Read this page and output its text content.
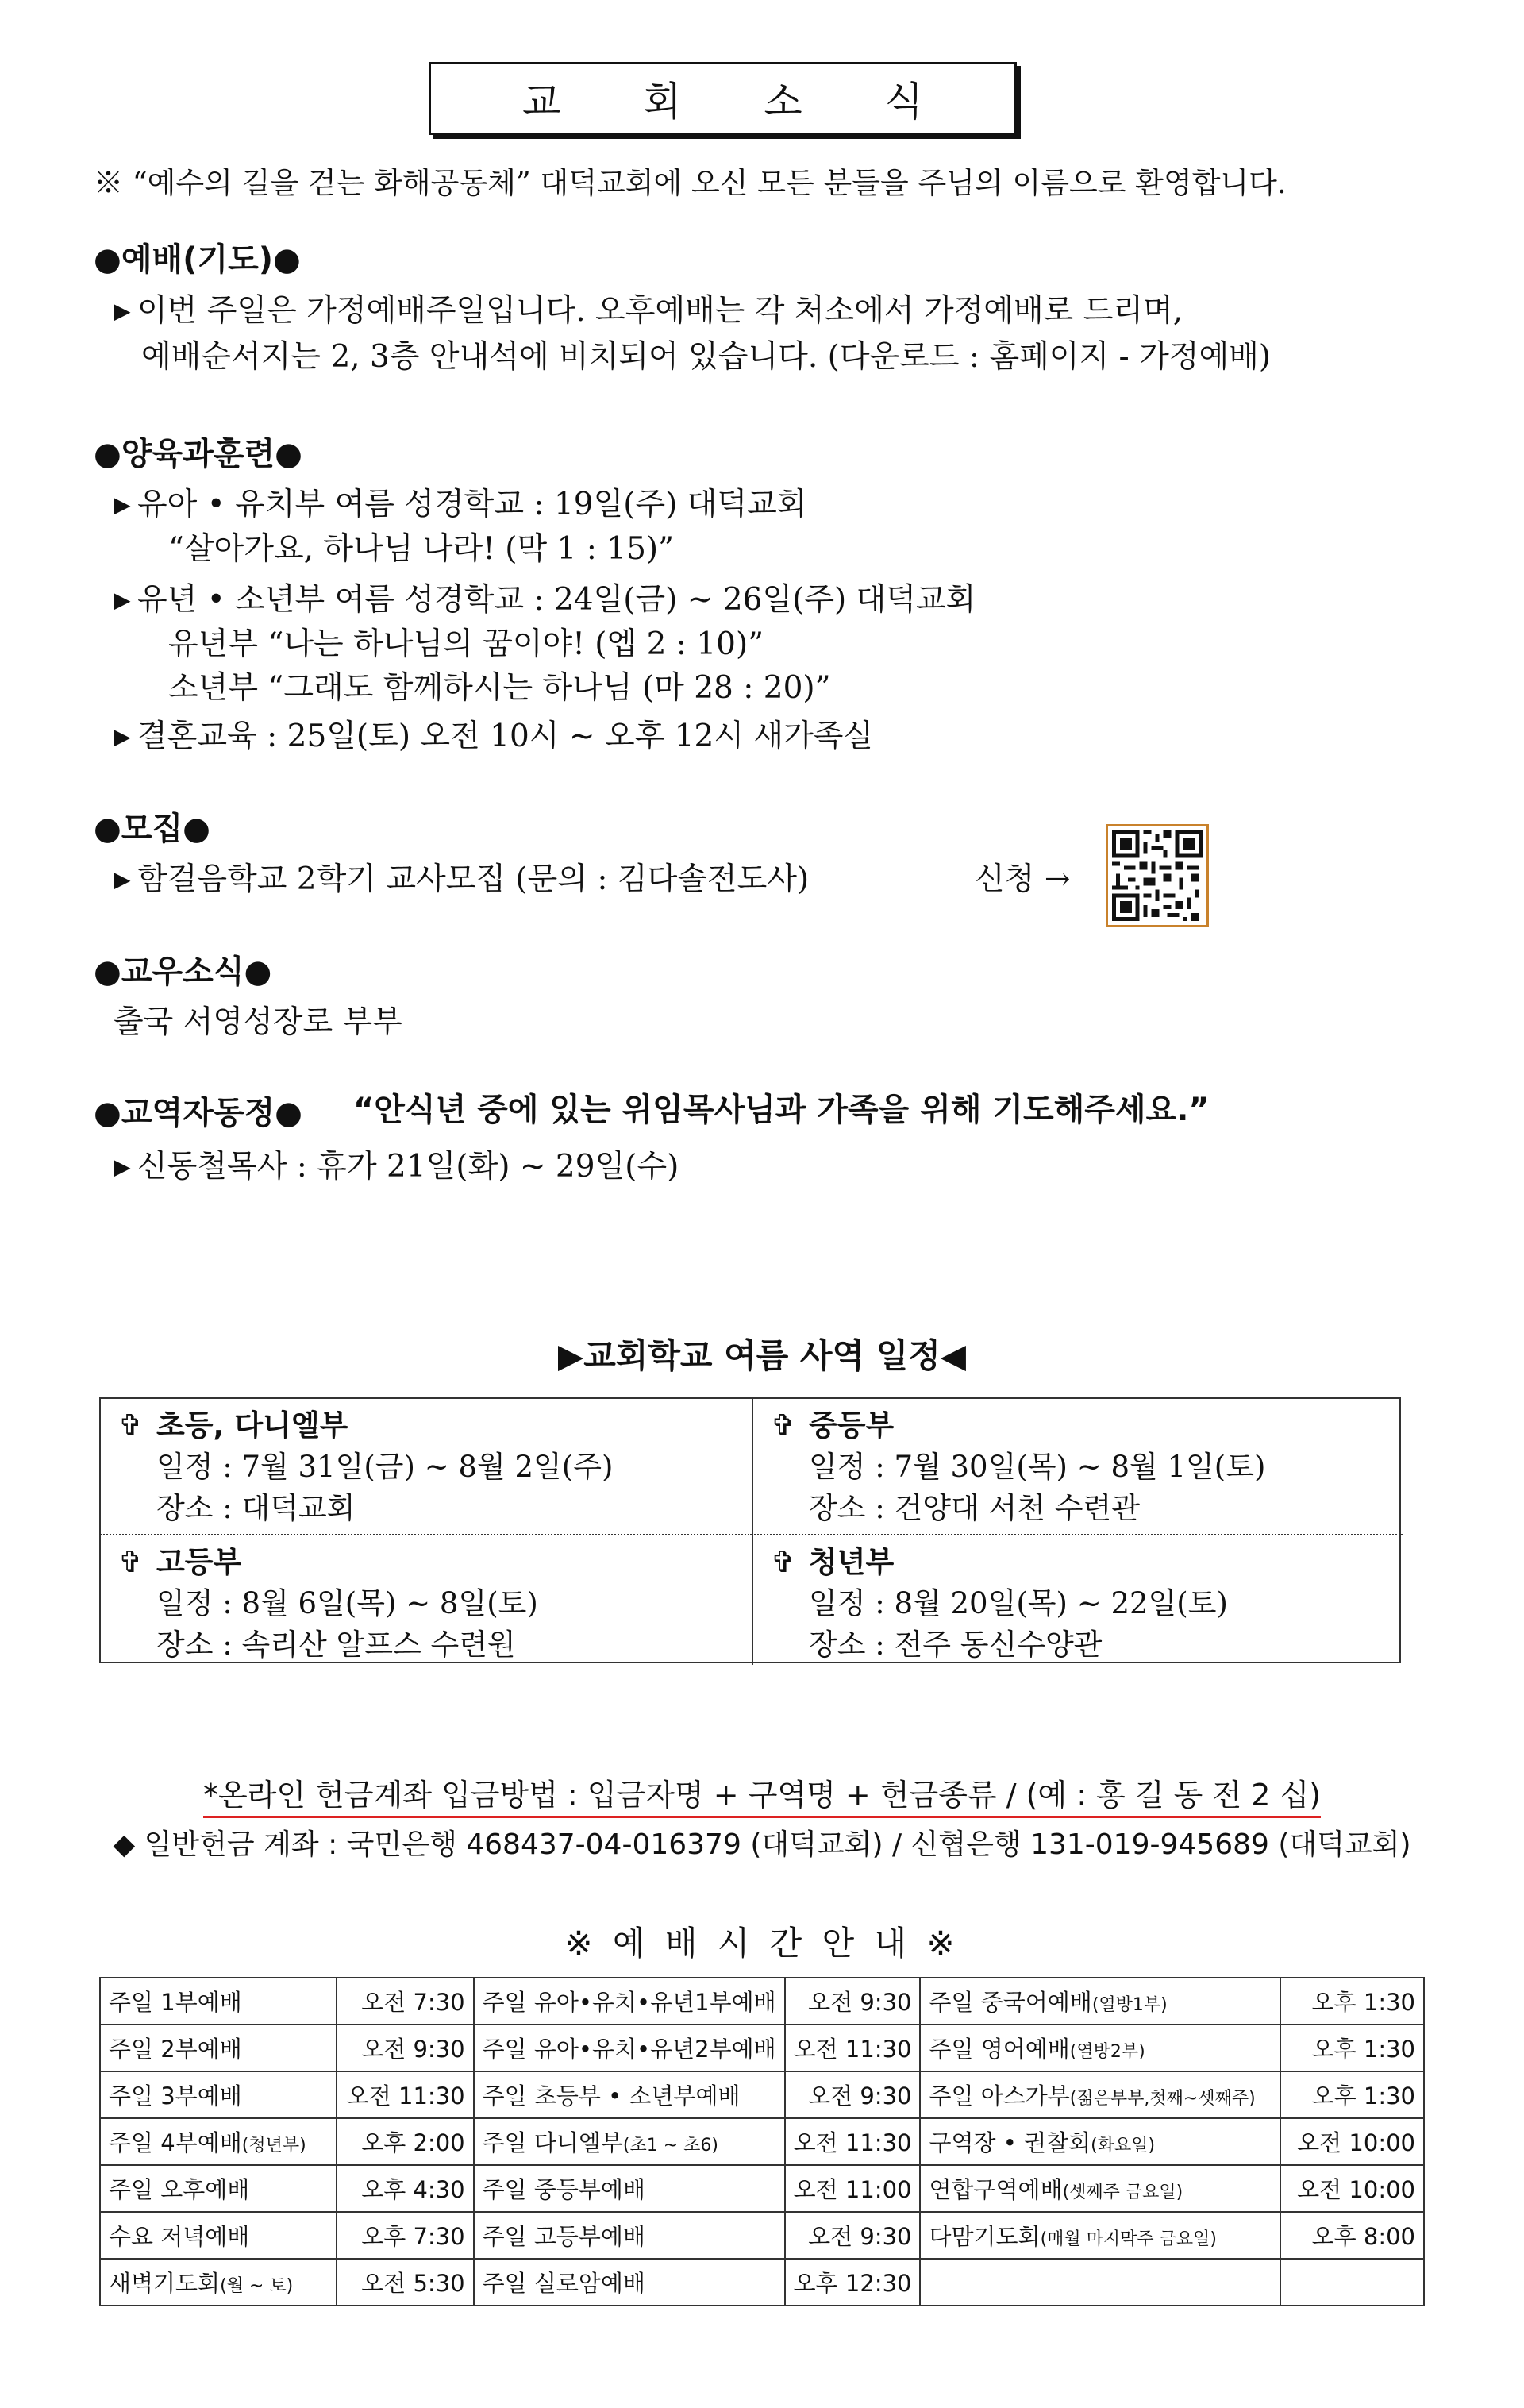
교 회 소 식
※ “예수의 길을 걷는 화해공동체” 대덕교회에 오신 모든 분들을 주님의 이름으로 환영합니다.
●예배(기도)●
▶ 이번 주일은 가정예배주일입니다. 오후예배는 각 처소에서 가정예배로 드리며,
예배순서지는 2, 3층 안내석에 비치되어 있습니다. (다운로드 : 홈페이지 - 가정예배)
●양육과훈련●
▶ 유아 • 유치부 여름 성경학교 : 19일(주) 대덕교회
“살아가요, 하나님 나라! (막 1 : 15)”
▶ 유년 • 소년부 여름 성경학교 : 24일(금) ~ 26일(주) 대덕교회
유년부 “나는 하나님의 꿈이야! (엡 2 : 10)”
소년부 “그래도 함께하시는 하나님 (마 28 : 20)”
▶ 결혼교육 : 25일(토) 오전 10시 ~ 오후 12시 새가족실
●모집●
▶ 함걸음학교 2학기 교사모집 (문의 : 김다솔전도사)	신청 →
●교우소식●
출국 서영성장로 부부
●교역자동정● “안식년 중에 있는 위임목사님과 가족을 위해 기도해주세요.”
▶ 신동철목사 : 휴가 21일(화) ~ 29일(수)
▶교회학교 여름 사역 일정◀
✞ 초등, 다니엘부
일정 : 7월 31일(금) ~ 8월 2일(주)
장소 : 대덕교회
✞ 중등부
일정 : 7월 30일(목) ~ 8월 1일(토)
장소 : 건양대 서천 수련관
✞ 고등부
일정 : 8월 6일(목) ~ 8일(토)
장소 : 속리산 알프스 수련원
✞ 청년부
일정 : 8월 20일(목) ~ 22일(토)
장소 : 전주 동신수양관
*온라인 헌금계좌 입금방법 : 입금자명 + 구역명 + 헌금종류 / (예 : 홍 길 동 전 2 십)
◆ 일반헌금 계좌 : 국민은행 468437-04-016379 (대덕교회) / 신협은행 131-019-945689 (대덕교회)
※ 예 배 시 간 안 내 ※
주일 1부예배	오전 7:30	주일 유아•유치•유년1부예배	오전 9:30	주일 중국어예배(열방1부)	오후 1:30
주일 2부예배	오전 9:30	주일 유아•유치•유년2부예배	오전 11:30	주일 영어예배(열방2부)	오후 1:30
주일 3부예배	오전 11:30	주일 초등부 • 소년부예배	오전 9:30	주일 아스가부(젊은부부,첫째~셋째주)	오후 1:30
주일 4부예배(청년부)	오후 2:00	주일 다니엘부(초1 ~ 초6)	오전 11:30	구역장 • 권찰회(화요일)	오전 10:00
주일 오후예배	오후 4:30	주일 중등부예배	오전 11:00	연합구역예배(셋째주 금요일)	오전 10:00
수요 저녁예배	오후 7:30	주일 고등부예배	오전 9:30	다맘기도회(매월 마지막주 금요일)	오후 8:00
새벽기도회(월 ~ 토)	오전 5:30	주일 실로암예배	오후 12:30		
